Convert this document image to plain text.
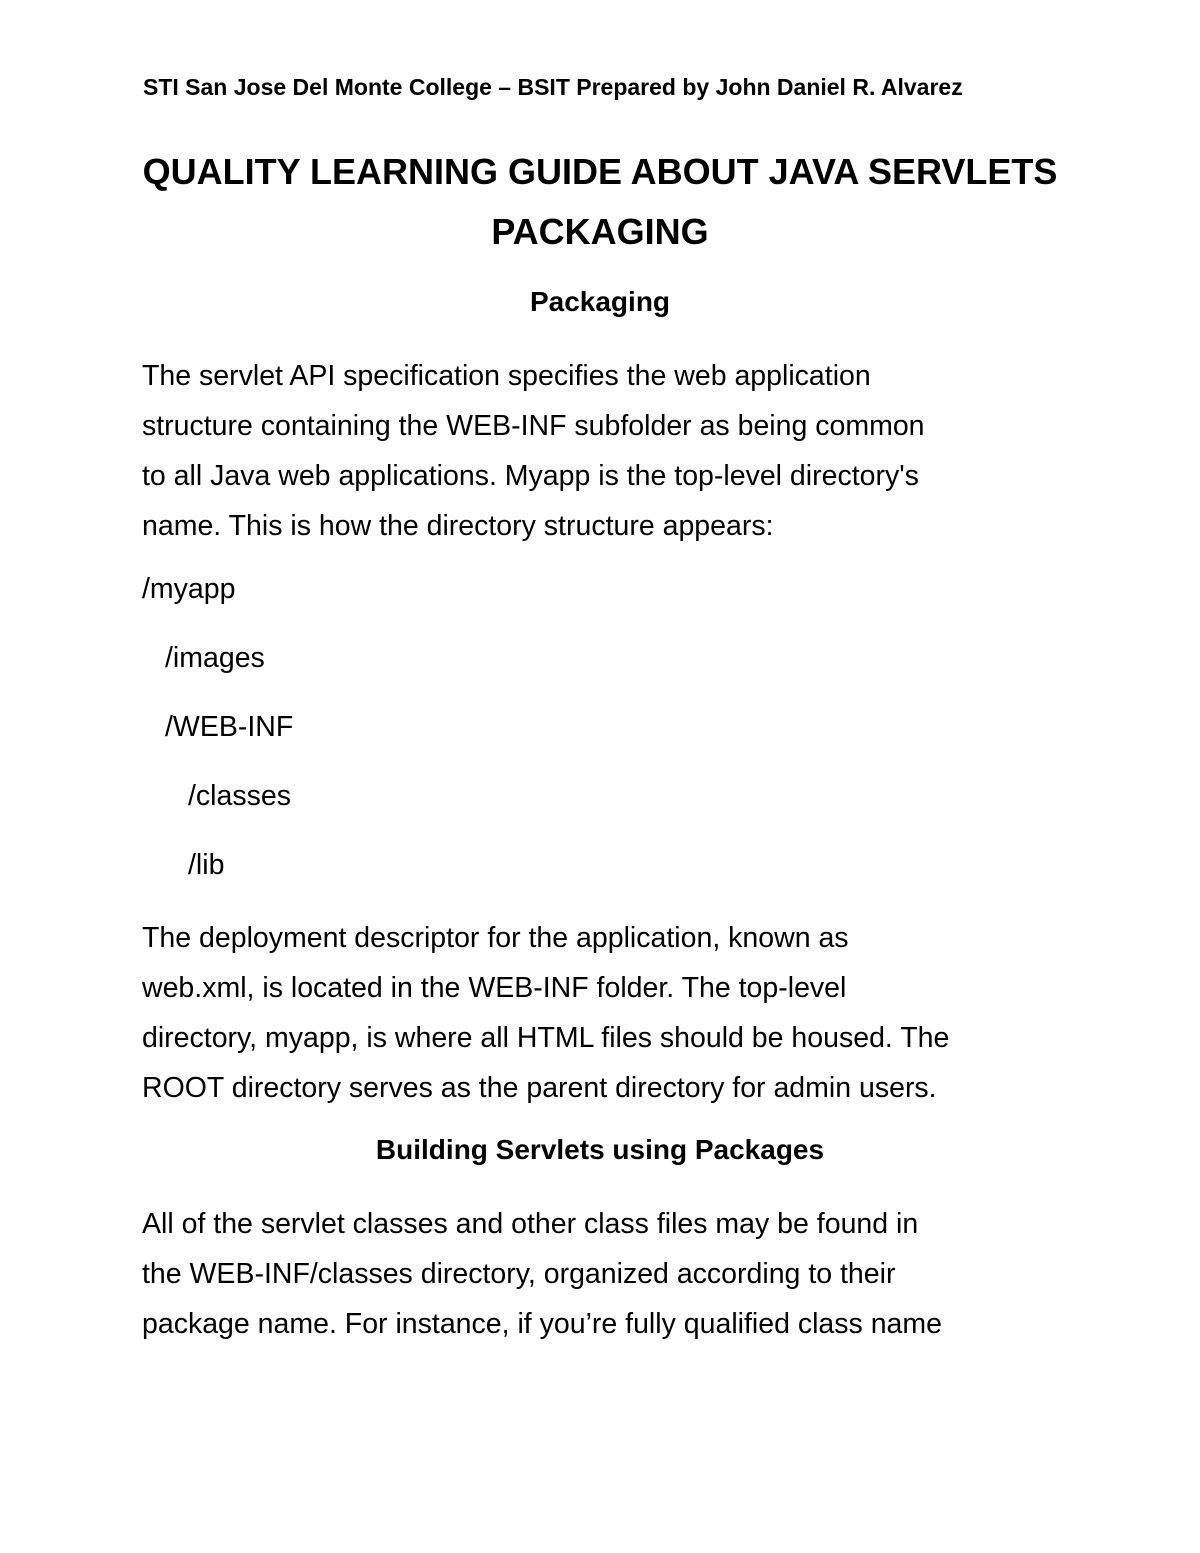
STI San Jose Del Monte College – BSIT Prepared by John Daniel R. Alvarez
QUALITY LEARNING GUIDE ABOUT JAVA SERVLETS
PACKAGING
Packaging

The servlet API specification specifies the web application
structure containing the WEB-INF subfolder as being common
to all Java web applications. Myapp is the top-level directory's
name. This is how the directory structure appears:

/myapp
/images
/WEB-INF
/classes
/lib

The deployment descriptor for the application, known as
web.xml, is located in the WEB-INF folder. The top-level
directory, myapp, is where all HTML files should be housed. The
ROOT directory serves as the parent directory for admin users.

Building Servlets using Packages

All of the servlet classes and other class files may be found in
the WEB-INF/classes directory, organized according to their
package name. For instance, if you’re fully qualified class name
